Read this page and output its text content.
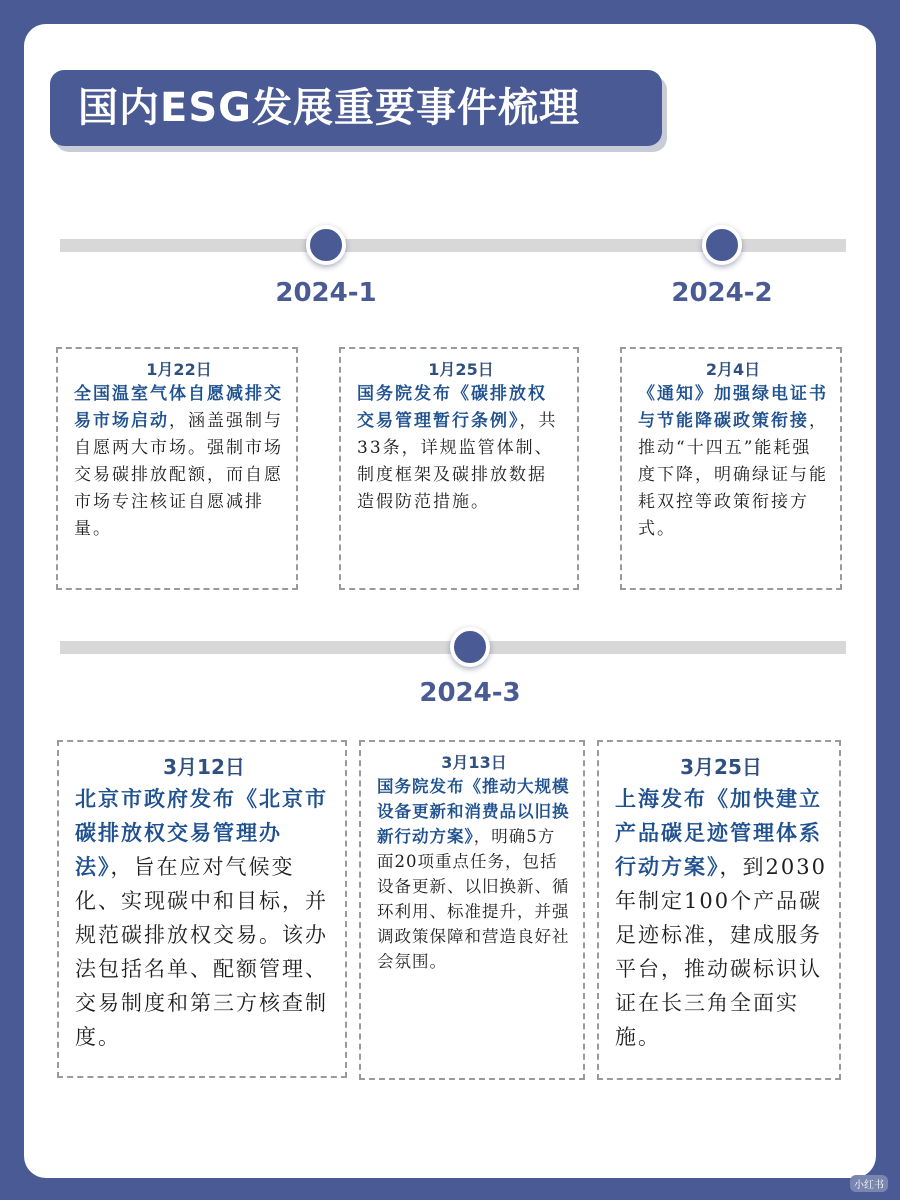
国内ESG发展重要事件梳理
2024-1	2024-2
1月22日
全国温室气体自愿减排交易市场启动，涵盖强制与自愿两大市场。强制市场交易碳排放配额，而自愿市场专注核证自愿减排量。
1月25日
国务院发布《碳排放权交易管理暂行条例》，共33条，详规监管体制、制度框架及碳排放数据造假防范措施。
2月4日
《通知》加强绿电证书与节能降碳政策衔接，推动“十四五”能耗强度下降，明确绿证与能耗双控等政策衔接方式。
2024-3
3月12日
北京市政府发布《北京市碳排放权交易管理办法》，旨在应对气候变化、实现碳中和目标，并规范碳排放权交易。该办法包括名单、配额管理、交易制度和第三方核查制度。
3月13日
国务院发布《推动大规模设备更新和消费品以旧换新行动方案》，明确5方面20项重点任务，包括设备更新、以旧换新、循环利用、标准提升，并强调政策保障和营造良好社会氛围。
3月25日
上海发布《加快建立产品碳足迹管理体系行动方案》，到2030年制定100个产品碳足迹标准，建成服务平台，推动碳标识认证在长三角全面实施。
小红书
